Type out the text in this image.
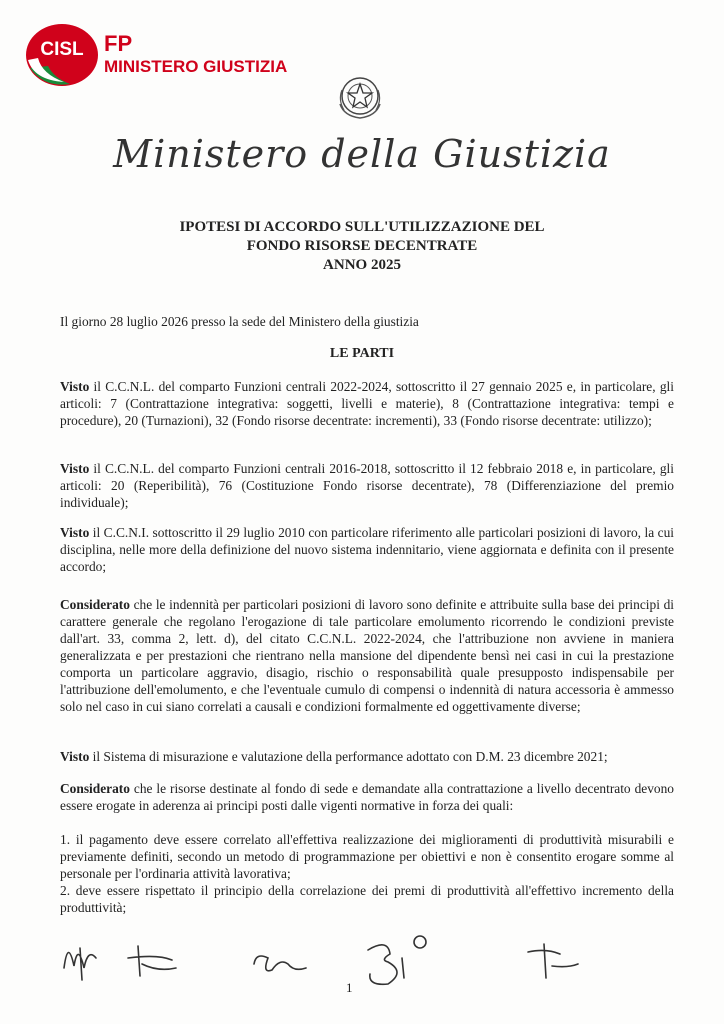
CISL FP
MINISTERO GIUSTIZIA
Ministero della Giustizia
IPOTESI DI ACCORDO SULL'UTILIZZAZIONE DEL
FONDO RISORSE DECENTRATE
ANNO 2025
Il giorno 28 luglio 2026 presso la sede del Ministero della giustizia
LE PARTI
Visto il C.C.N.L. del comparto Funzioni centrali 2022-2024, sottoscritto il 27 gennaio 2025 e, in particolare, gli articoli: 7 (Contrattazione integrativa: soggetti, livelli e materie), 8 (Contrattazione integrativa: tempi e procedure), 20 (Turnazioni), 32 (Fondo risorse decentrate: incrementi), 33 (Fondo risorse decentrate: utilizzo);
Visto il C.C.N.L. del comparto Funzioni centrali 2016-2018, sottoscritto il 12 febbraio 2018 e, in particolare, gli articoli: 20 (Reperibilità), 76 (Costituzione Fondo risorse decentrate), 78 (Differenziazione del premio individuale);
Visto il C.C.N.I. sottoscritto il 29 luglio 2010 con particolare riferimento alle particolari posizioni di lavoro, la cui disciplina, nelle more della definizione del nuovo sistema indennitario, viene aggiornata e definita con il presente accordo;
Considerato che le indennità per particolari posizioni di lavoro sono definite e attribuite sulla base dei principi di carattere generale che regolano l'erogazione di tale particolare emolumento ricorrendo le condizioni previste dall'art. 33, comma 2, lett. d), del citato C.C.N.L. 2022-2024, che l'attribuzione non avviene in maniera generalizzata e per prestazioni che rientrano nella mansione del dipendente bensì nei casi in cui la prestazione comporta un particolare aggravio, disagio, rischio o responsabilità quale presupposto indispensabile per l'attribuzione dell'emolumento, e che l'eventuale cumulo di compensi o indennità di natura accessoria è ammesso solo nel caso in cui siano correlati a causali e condizioni formalmente ed oggettivamente diverse;
Visto il Sistema di misurazione e valutazione della performance adottato con D.M. 23 dicembre 2021;
Considerato che le risorse destinate al fondo di sede e demandate alla contrattazione a livello decentrato devono essere erogate in aderenza ai principi posti dalle vigenti normative in forza dei quali:
1. il pagamento deve essere correlato all'effettiva realizzazione dei miglioramenti di produttività misurabili e previamente definiti, secondo un metodo di programmazione per obiettivi e non è consentito erogare somme al personale per l'ordinaria attività lavorativa;
2. deve essere rispettato il principio della correlazione dei premi di produttività all'effettivo incremento della produttività;
1
